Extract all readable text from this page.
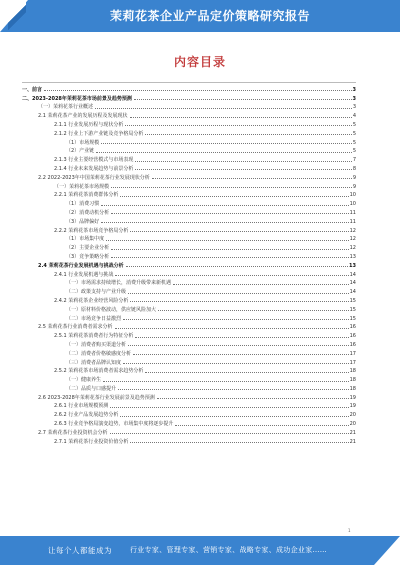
茉莉花茶企业产品定价策略研究报告
内容目录
一、前言	3
二、2023-2028年茉莉花茶市场前景及趋势预测	3
（一）茉莉花茶行业概述	3
2.1 茉莉花茶产业的发展历程及发展现状	4
2.1.1 行业发展历程与现状分析	5
2.1.2 行业上下游产业链及竞争格局分析	5
（1）市场规模	5
（2）产业链	5
2.1.3 行业主要经营模式与市场表现	7
2.1.4 行业未来发展趋势与前景分析	8
2.2 2022-2023年中国茉莉花茶行业发展现状分析	9
（一）茉莉花茶市场规模	9
2.2.1 茉莉花茶消费群体分析	10
（1）消费习惯	10
（2）消费动机分析	11
（3）品牌偏好	11
2.2.2 茉莉花茶市场竞争格局分析	12
（1）市场集中度	12
（2）主要企业分析	12
（3）竞争策略分析	13
2.4 茉莉花茶行业发展机遇与挑战分析	13
2.4.1 行业发展机遇与挑战	14
（一）市场需求持续增长，消费升级带来新机遇	14
（二）政策支持与产业升级	14
2.4.2 茉莉花茶企业经营风险分析	15
（一）原材料价格波动，供应链风险加大	15
（二）市场竞争日益激烈	15
2.5 茉莉花茶行业消费者需求分析	16
2.5.1 茉莉花茶消费者行为特征分析	16
（一）消费者购买渠道分析	16
（二）消费者价格敏感度分析	17
（三）消费者品牌认知度	17
2.5.2 茉莉花茶市场消费者需求趋势分析	18
（一）健康养生	18
（二）品质与口感提升	18
2.6 2023-2028年茉莉花茶行业发展前景及趋势预测	19
2.6.1 行业市场规模预测	19
2.6.2 行业产品发展趋势分析	20
2.6.3 行业竞争格局演变趋势，市场集中度将逐步提升	20
2.7 茉莉花茶行业投资机会分析	21
2.7.1 茉莉花茶行业投资价值分析	21
1
让每个人都能成为	行业专家、管理专家、营销专家、战略专家、成功企业家……
